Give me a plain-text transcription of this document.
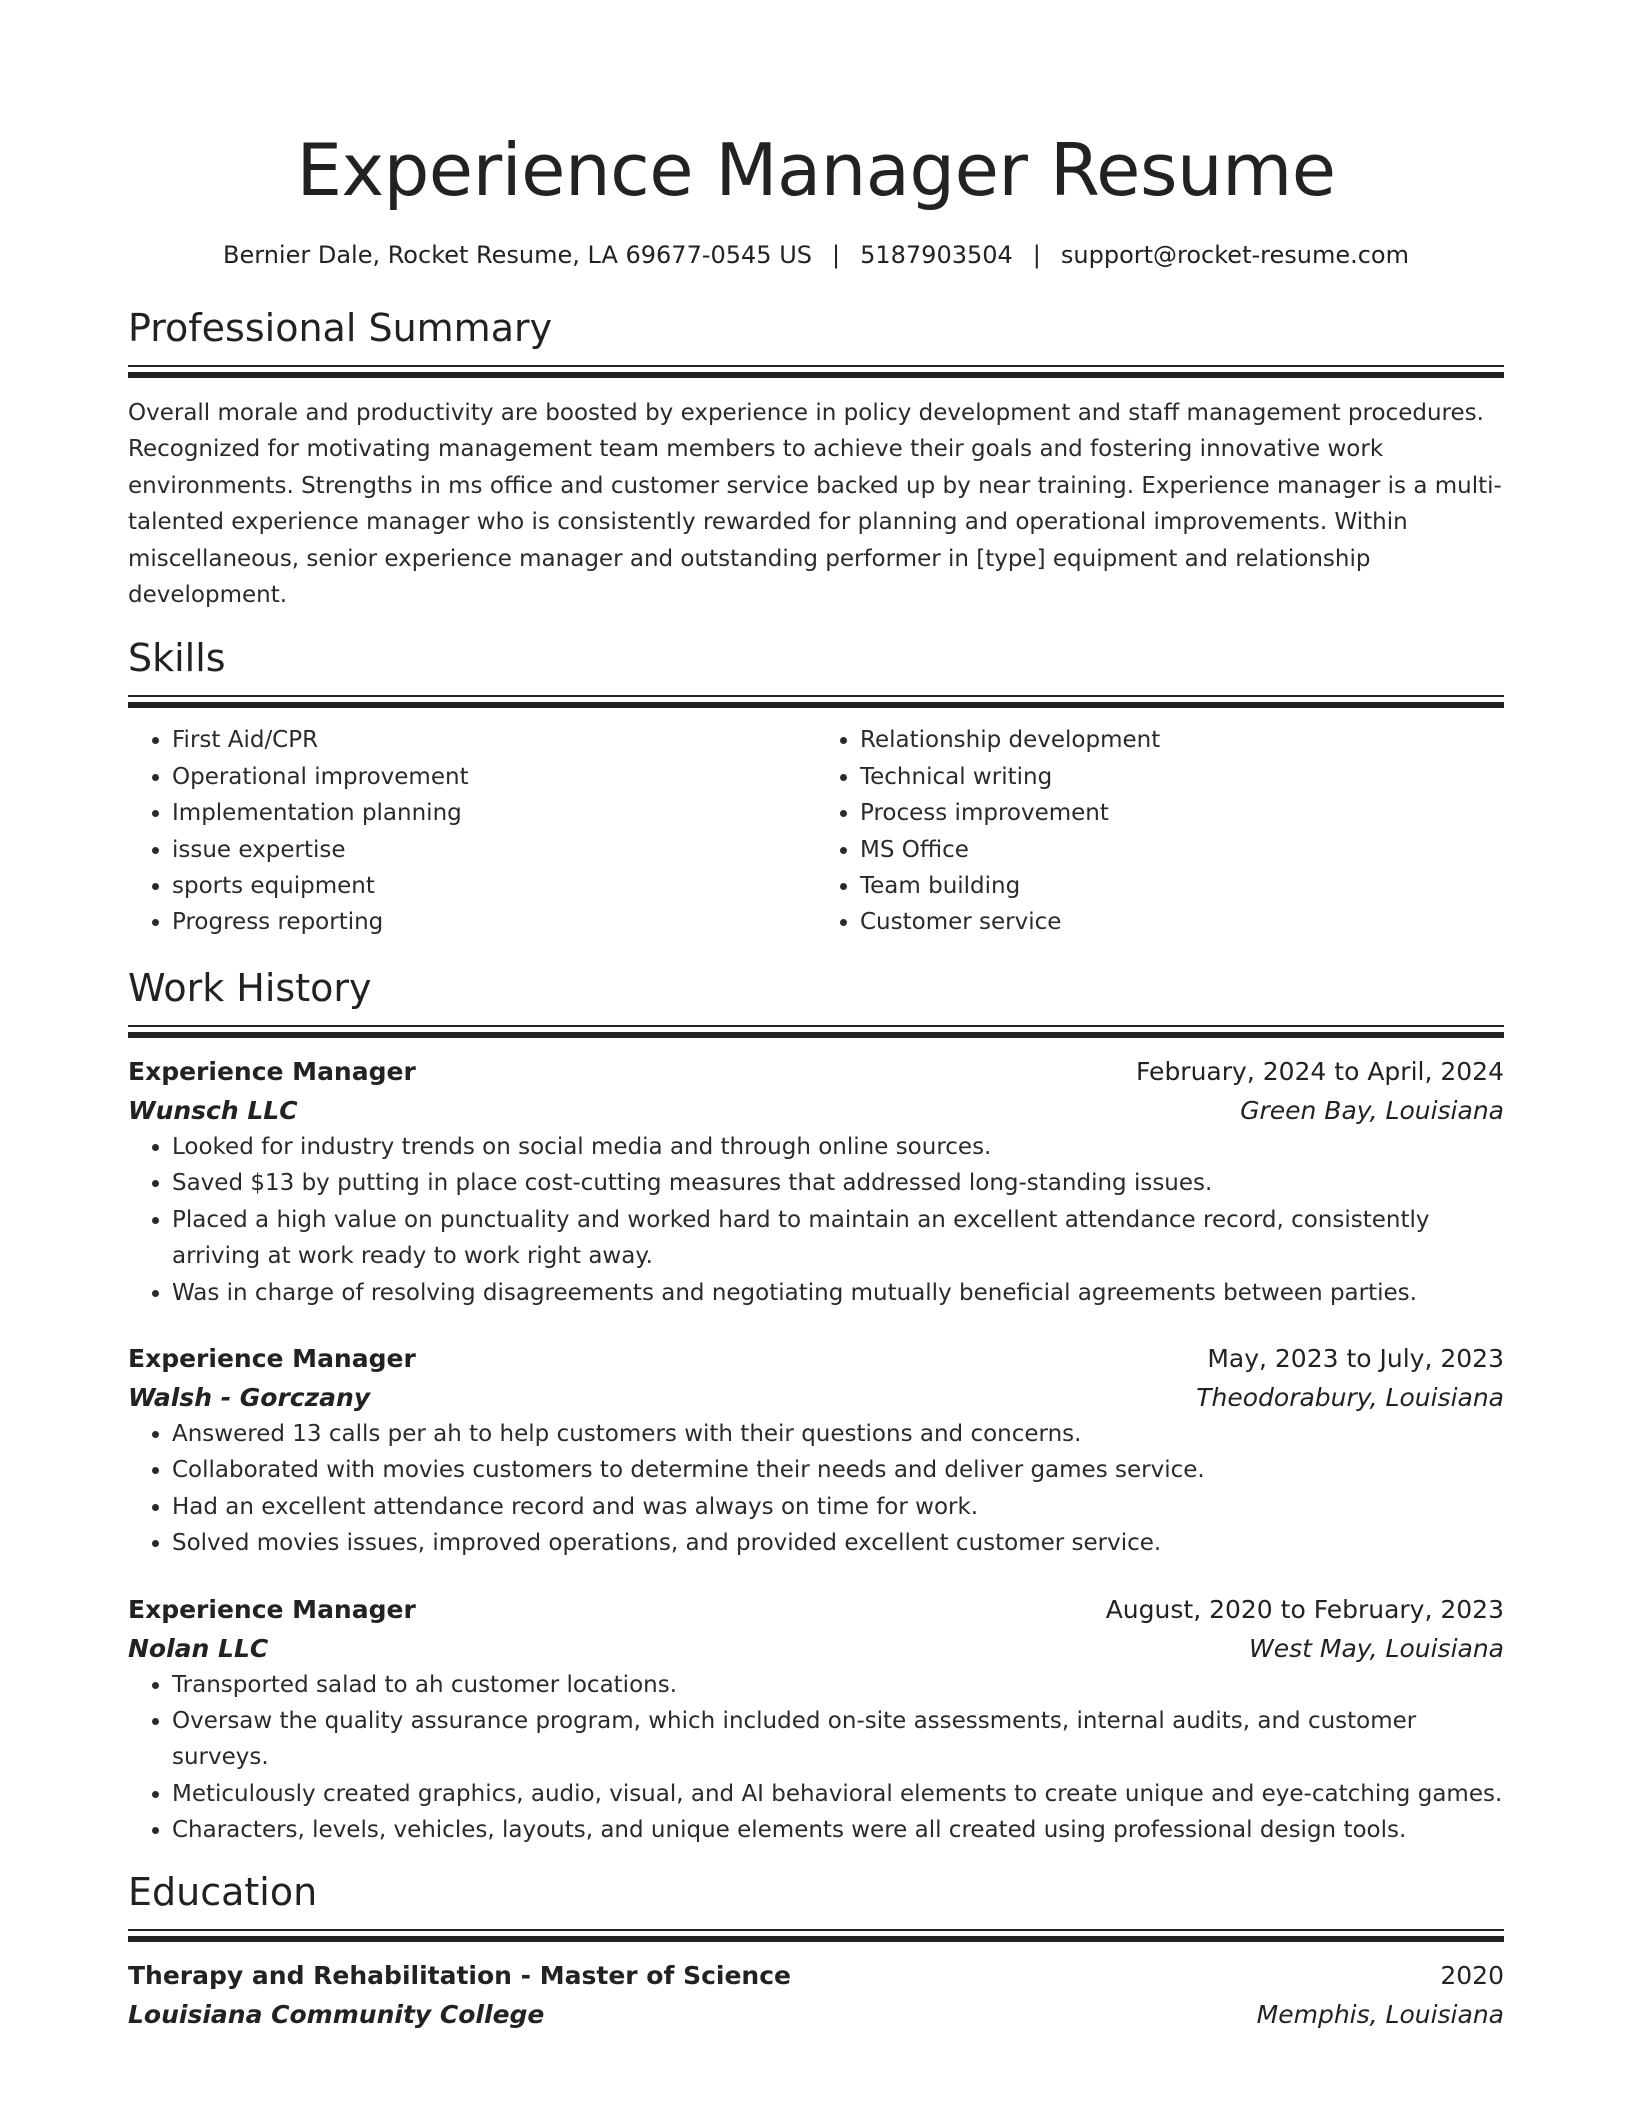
Experience Manager Resume
Bernier Dale, Rocket Resume, LA 69677-0545 US | 5187903504 | support@rocket-resume.com
Professional Summary
Overall morale and productivity are boosted by experience in policy development and staff management procedures. Recognized for motivating management team members to achieve their goals and fostering innovative work environments. Strengths in ms office and customer service backed up by near training. Experience manager is a multi-talented experience manager who is consistently rewarded for planning and operational improvements. Within miscellaneous, senior experience manager and outstanding performer in [type] equipment and relationship development.
Skills
• First Aid/CPR
• Operational improvement
• Implementation planning
• issue expertise
• sports equipment
• Progress reporting
• Relationship development
• Technical writing
• Process improvement
• MS Office
• Team building
• Customer service
Work History
Experience Manager	February, 2024 to April, 2024
Wunsch LLC	Green Bay, Louisiana
• Looked for industry trends on social media and through online sources.
• Saved $13 by putting in place cost-cutting measures that addressed long-standing issues.
• Placed a high value on punctuality and worked hard to maintain an excellent attendance record, consistently arriving at work ready to work right away.
• Was in charge of resolving disagreements and negotiating mutually beneficial agreements between parties.
Experience Manager	May, 2023 to July, 2023
Walsh - Gorczany	Theodorabury, Louisiana
• Answered 13 calls per ah to help customers with their questions and concerns.
• Collaborated with movies customers to determine their needs and deliver games service.
• Had an excellent attendance record and was always on time for work.
• Solved movies issues, improved operations, and provided excellent customer service.
Experience Manager	August, 2020 to February, 2023
Nolan LLC	West May, Louisiana
• Transported salad to ah customer locations.
• Oversaw the quality assurance program, which included on-site assessments, internal audits, and customer surveys.
• Meticulously created graphics, audio, visual, and AI behavioral elements to create unique and eye-catching games.
• Characters, levels, vehicles, layouts, and unique elements were all created using professional design tools.
Education
Therapy and Rehabilitation - Master of Science	2020
Louisiana Community College	Memphis, Louisiana
